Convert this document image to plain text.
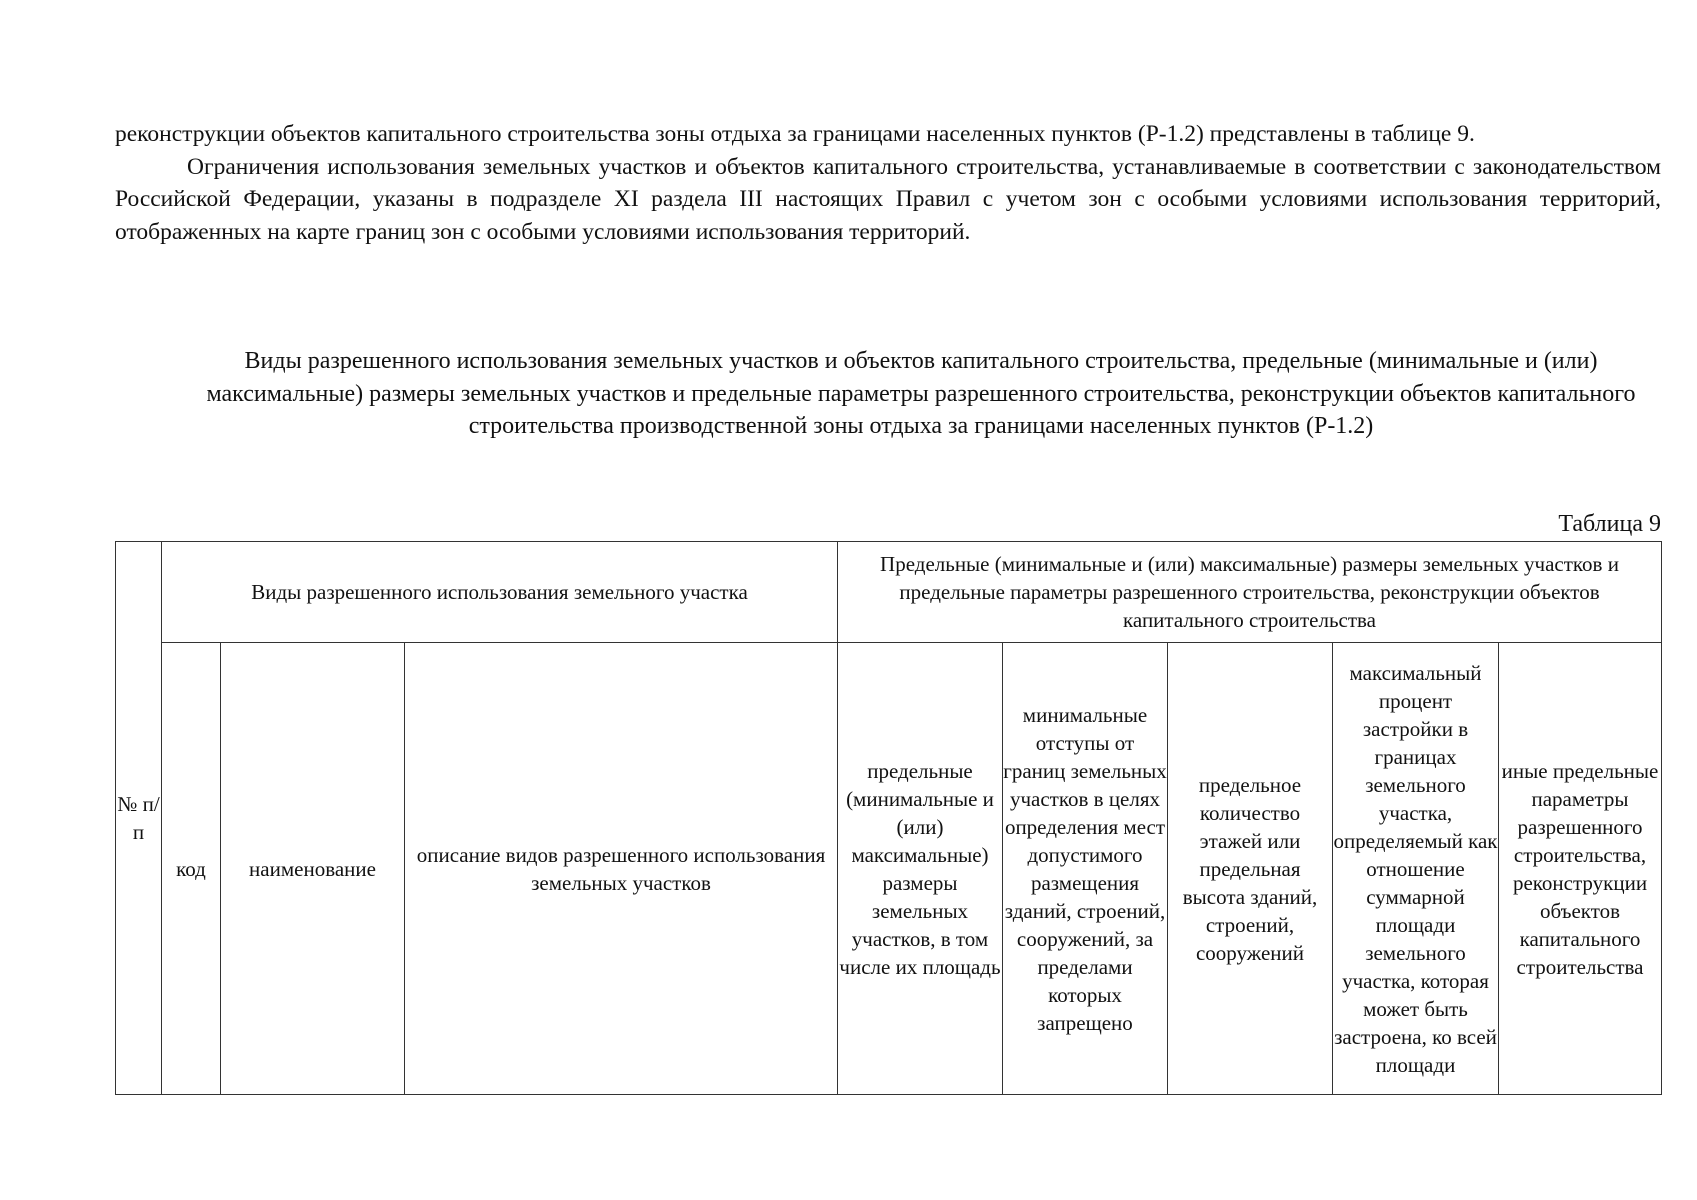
реконструкции объектов капитального строительства зоны отдыха за границами населенных пунктов (Р-1.2) представлены в таблице 9.

Ограничения использования земельных участков и объектов капитального строительства, устанавливаемые в соответствии с законодательством Российской Федерации, указаны в подразделе XI раздела III настоящих Правил с учетом зон с особыми условиями использования территорий, отображенных на карте границ зон с особыми условиями использования территорий.

Виды разрешенного использования земельных участков и объектов капитального строительства, предельные (минимальные и (или) максимальные) размеры земельных участков и предельные параметры разрешенного строительства, реконструкции объектов капитального строительства производственной зоны отдыха за границами населенных пунктов (Р-1.2)

Таблица 9
№ п/п	Виды разрешенного использования земельного участка			Предельные (минимальные и (или) максимальные) размеры земельных участков и предельные параметры разрешенного строительства, реконструкции объектов капитального строительства				
	код	наименование	описание видов разрешенного использования земельных участков	предельные (минимальные и (или) максимальные) размеры земельных участков, в том числе их площадь	минимальные отступы от границ земельных участков в целях определения мест допустимого размещения зданий, строений, сооружений, за пределами которых запрещено	предельное количество этажей или предельная высота зданий, строений, сооружений	максимальный процент застройки в границах земельного участка, определяемый как отношение суммарной площади земельного участка, которая может быть застроена, ко всей площади	иные предельные параметры разрешенного строительства, реконструкции объектов капитального строительства
